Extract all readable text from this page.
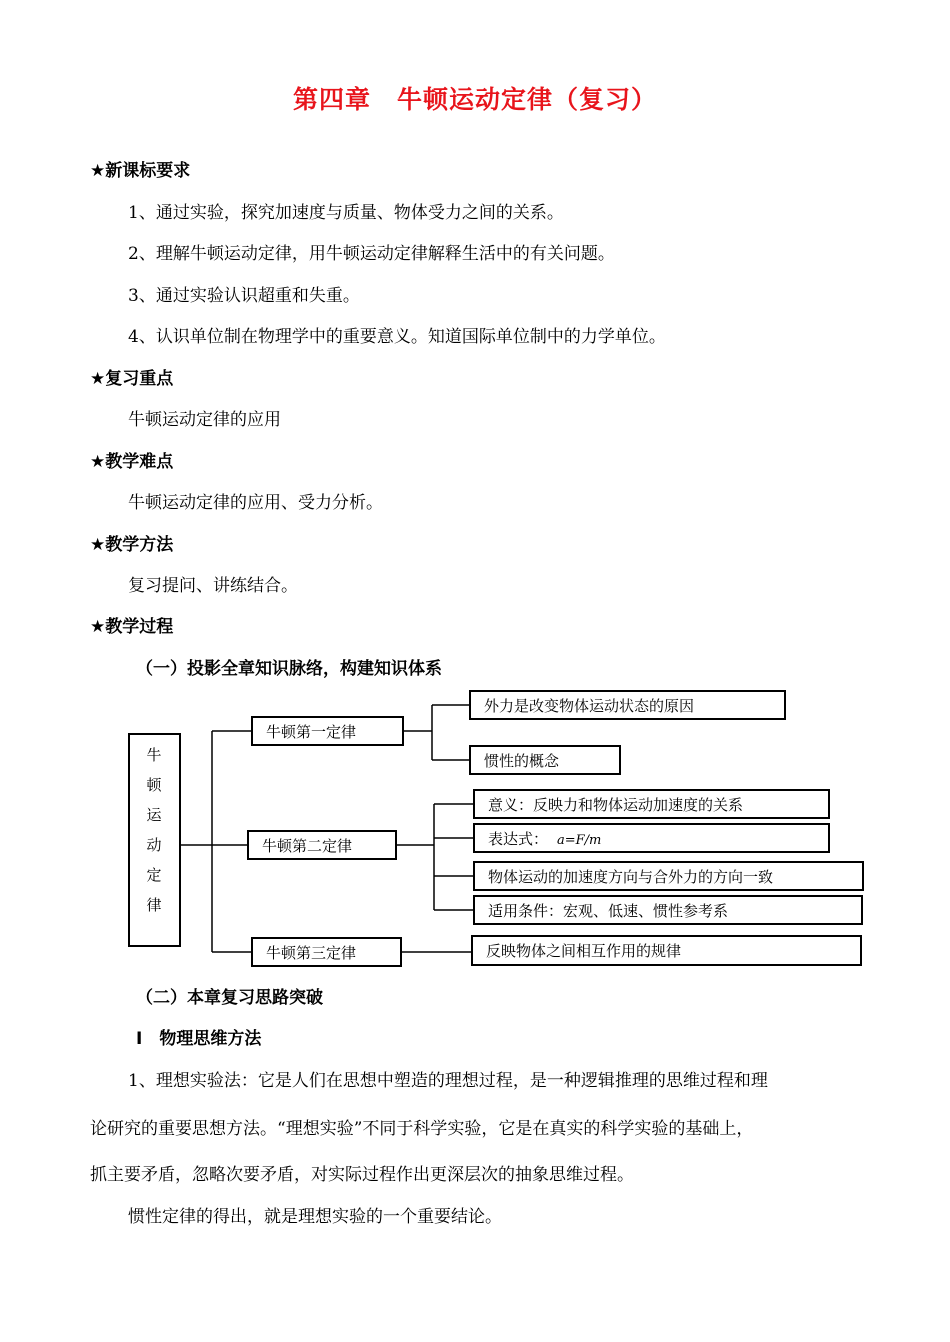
第四章　牛顿运动定律（复习）
★新课标要求
1、通过实验，探究加速度与质量、物体受力之间的关系。
2、理解牛顿运动定律，用牛顿运动定律解释生活中的有关问题。
3、通过实验认识超重和失重。
4、认识单位制在物理学中的重要意义。知道国际单位制中的力学单位。
★复习重点
牛顿运动定律的应用
★教学难点
牛顿运动定律的应用、受力分析。
★教学方法
复习提问、讲练结合。
★教学过程
（一）投影全章知识脉络，构建知识体系
牛
顿
运
动
定
律
牛顿第一定律
外力是改变物体运动状态的原因
惯性的概念
牛顿第二定律
意义：反映力和物体运动加速度的关系
表达式： a=F/m
物体运动的加速度方向与合外力的方向一致
适用条件：宏观、低速、惯性参考系
牛顿第三定律	反映物体之间相互作用的规律
（二）本章复习思路突破
Ⅰ　物理思维方法
1、理想实验法：它是人们在思想中塑造的理想过程，是一种逻辑推理的思维过程和理
论研究的重要思想方法。“理想实验”不同于科学实验，它是在真实的科学实验的基础上，
抓主要矛盾，忽略次要矛盾，对实际过程作出更深层次的抽象思维过程。
惯性定律的得出，就是理想实验的一个重要结论。
